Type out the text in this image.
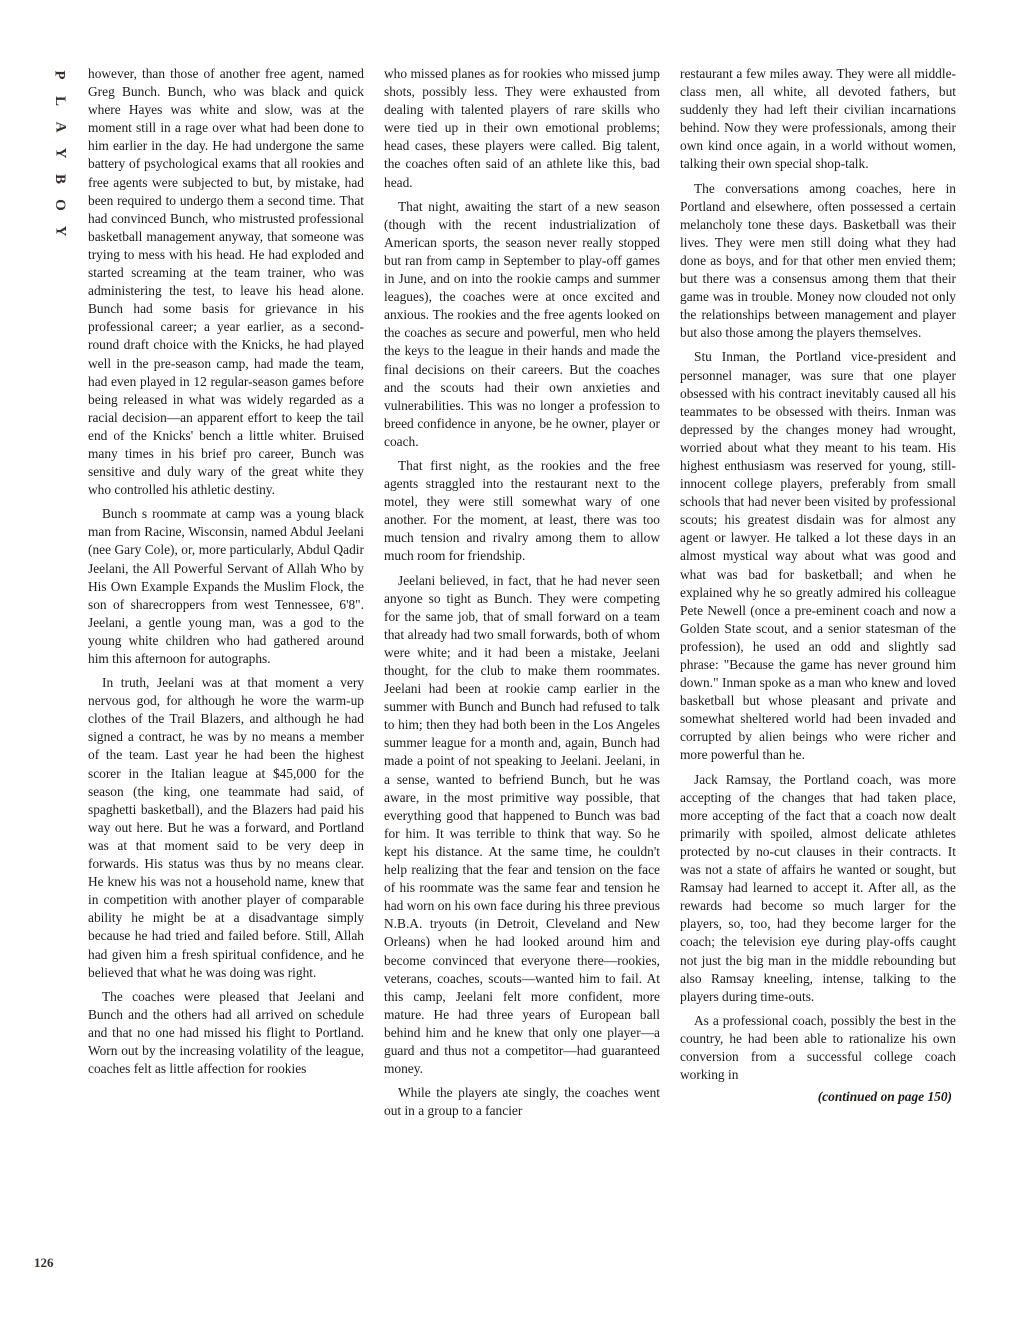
P
L
A
Y
B
O
Y

however, than those of another free agent, named Greg Bunch. Bunch, who was black and quick where Hayes was white and slow, was at the moment still in a rage over what had been done to him earlier in the day. He had undergone the same battery of psychological exams that all rookies and free agents were subjected to but, by mistake, had been required to undergo them a second time. That had convinced Bunch, who mistrusted professional basketball management anyway, that someone was trying to mess with his head. He had exploded and started screaming at the team trainer, who was administering the test, to leave his head alone. Bunch had some basis for grievance in his professional career; a year earlier, as a second-round draft choice with the Knicks, he had played well in the pre-season camp, had made the team, had even played in 12 regular-season games before being released in what was widely regarded as a racial decision—an apparent effort to keep the tail end of the Knicks' bench a little whiter. Bruised many times in his brief pro career, Bunch was sensitive and duly wary of the great white they who controlled his athletic destiny.

Bunch s roommate at camp was a young black man from Racine, Wisconsin, named Abdul Jeelani (nee Gary Cole), or, more particularly, Abdul Qadir Jeelani, the All Powerful Servant of Allah Who by His Own Example Expands the Muslim Flock, the son of sharecroppers from west Tennessee, 6'8". Jeelani, a gentle young man, was a god to the young white children who had gathered around him this afternoon for autographs.

In truth, Jeelani was at that moment a very nervous god, for although he wore the warm-up clothes of the Trail Blazers, and although he had signed a contract, he was by no means a member of the team. Last year he had been the highest scorer in the Italian league at $45,000 for the season (the king, one teammate had said, of spaghetti basketball), and the Blazers had paid his way out here. But he was a forward, and Portland was at that moment said to be very deep in forwards. His status was thus by no means clear. He knew his was not a household name, knew that in competition with another player of comparable ability he might be at a disadvantage simply because he had tried and failed before. Still, Allah had given him a fresh spiritual confidence, and he believed that what he was doing was right.

The coaches were pleased that Jeelani and Bunch and the others had all arrived on schedule and that no one had missed his flight to Portland. Worn out by the increasing volatility of the league, coaches felt as little affection for rookies

who missed planes as for rookies who missed jump shots, possibly less. They were exhausted from dealing with talented players of rare skills who were tied up in their own emotional problems; head cases, these players were called. Big talent, the coaches often said of an athlete like this, bad head.

That night, awaiting the start of a new season (though with the recent industrialization of American sports, the season never really stopped but ran from camp in September to play-off games in June, and on into the rookie camps and summer leagues), the coaches were at once excited and anxious. The rookies and the free agents looked on the coaches as secure and powerful, men who held the keys to the league in their hands and made the final decisions on their careers. But the coaches and the scouts had their own anxieties and vulnerabilities. This was no longer a profession to breed confidence in anyone, be he owner, player or coach.

That first night, as the rookies and the free agents straggled into the restaurant next to the motel, they were still somewhat wary of one another. For the moment, at least, there was too much tension and rivalry among them to allow much room for friendship.

Jeelani believed, in fact, that he had never seen anyone so tight as Bunch. They were competing for the same job, that of small forward on a team that already had two small forwards, both of whom were white; and it had been a mistake, Jeelani thought, for the club to make them roommates. Jeelani had been at rookie camp earlier in the summer with Bunch and Bunch had refused to talk to him; then they had both been in the Los Angeles summer league for a month and, again, Bunch had made a point of not speaking to Jeelani. Jeelani, in a sense, wanted to befriend Bunch, but he was aware, in the most primitive way possible, that everything good that happened to Bunch was bad for him. It was terrible to think that way. So he kept his distance. At the same time, he couldn't help realizing that the fear and tension on the face of his roommate was the same fear and tension he had worn on his own face during his three previous N.B.A. tryouts (in Detroit, Cleveland and New Orleans) when he had looked around him and become convinced that everyone there—rookies, veterans, coaches, scouts—wanted him to fail. At this camp, Jeelani felt more confident, more mature. He had three years of European ball behind him and he knew that only one player—a guard and thus not a competitor—had guaranteed money.

While the players ate singly, the coaches went out in a group to a fancier

restaurant a few miles away. They were all middle-class men, all white, all devoted fathers, but suddenly they had left their civilian incarnations behind. Now they were professionals, among their own kind once again, in a world without women, talking their own special shop-talk.

The conversations among coaches, here in Portland and elsewhere, often possessed a certain melancholy tone these days. Basketball was their lives. They were men still doing what they had done as boys, and for that other men envied them; but there was a consensus among them that their game was in trouble. Money now clouded not only the relationships between management and player but also those among the players themselves.

Stu Inman, the Portland vice-president and personnel manager, was sure that one player obsessed with his contract inevitably caused all his teammates to be obsessed with theirs. Inman was depressed by the changes money had wrought, worried about what they meant to his team. His highest enthusiasm was reserved for young, still-innocent college players, preferably from small schools that had never been visited by professional scouts; his greatest disdain was for almost any agent or lawyer. He talked a lot these days in an almost mystical way about what was good and what was bad for basketball; and when he explained why he so greatly admired his colleague Pete Newell (once a pre-eminent coach and now a Golden State scout, and a senior statesman of the profession), he used an odd and slightly sad phrase: "Because the game has never ground him down." Inman spoke as a man who knew and loved basketball but whose pleasant and private and somewhat sheltered world had been invaded and corrupted by alien beings who were richer and more powerful than he.

Jack Ramsay, the Portland coach, was more accepting of the changes that had taken place, more accepting of the fact that a coach now dealt primarily with spoiled, almost delicate athletes protected by no-cut clauses in their contracts. It was not a state of affairs he wanted or sought, but Ramsay had learned to accept it. After all, as the rewards had become so much larger for the players, so, too, had they become larger for the coach; the television eye during play-offs caught not just the big man in the middle rebounding but also Ramsay kneeling, intense, talking to the players during time-outs.

As a professional coach, possibly the best in the country, he had been able to rationalize his own conversion from a successful college coach working in

(continued on page 150)
126
